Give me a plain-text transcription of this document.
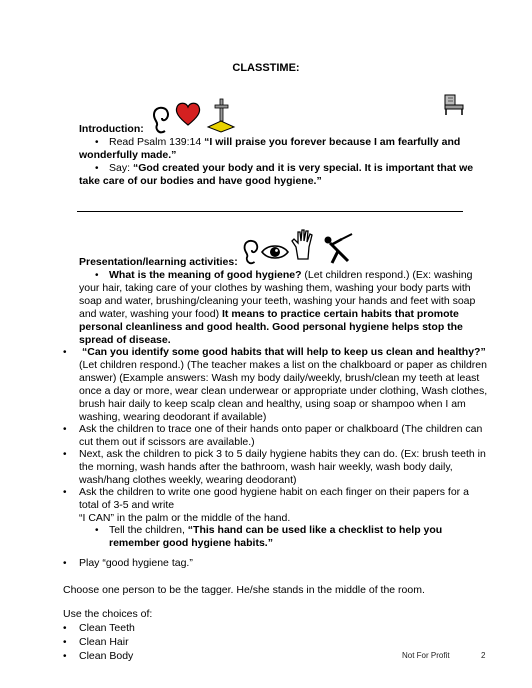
CLASSTIME:
Introduction:
• Read Psalm 139:14 “I will praise you forever because I am fearfully and
wonderfully made.”
• Say: “God created your body and it is very special. It is important that we
take care of our bodies and have good hygiene.”
Presentation/learning activities:
• What is the meaning of good hygiene? (Let children respond.) (Ex: washing
your hair, taking care of your clothes by washing them, washing your body parts with
soap and water, brushing/cleaning your teeth, washing your hands and feet with soap
and water, washing your food) It means to practice certain habits that promote
personal cleanliness and good health. Good personal hygiene helps stop the
spread of disease.
• “Can you identify some good habits that will help to keep us clean and healthy?”
(Let children respond.) (The teacher makes a list on the chalkboard or paper as children
answer) (Example answers: Wash my body daily/weekly, brush/clean my teeth at least
once a day or more, wear clean underwear or appropriate under clothing, Wash clothes,
brush hair daily to keep scalp clean and healthy, using soap or shampoo when I am
washing, wearing deodorant if available)
• Ask the children to trace one of their hands onto paper or chalkboard (The children can
cut them out if scissors are available.)
• Next, ask the children to pick 3 to 5 daily hygiene habits they can do. (Ex: brush teeth in
the morning, wash hands after the bathroom, wash hair weekly, wash body daily,
wash/hang clothes weekly, wearing deodorant)
• Ask the children to write one good hygiene habit on each finger on their papers for a
total of 3-5 and write
“I CAN” in the palm or the middle of the hand.
• Tell the children, “This hand can be used like a checklist to help you
remember good hygiene habits.”
• Play “good hygiene tag.”
Choose one person to be the tagger. He/she stands in the middle of the room.
Use the choices of:
• Clean Teeth
• Clean Hair
• Clean Body	Not For Profit	2
